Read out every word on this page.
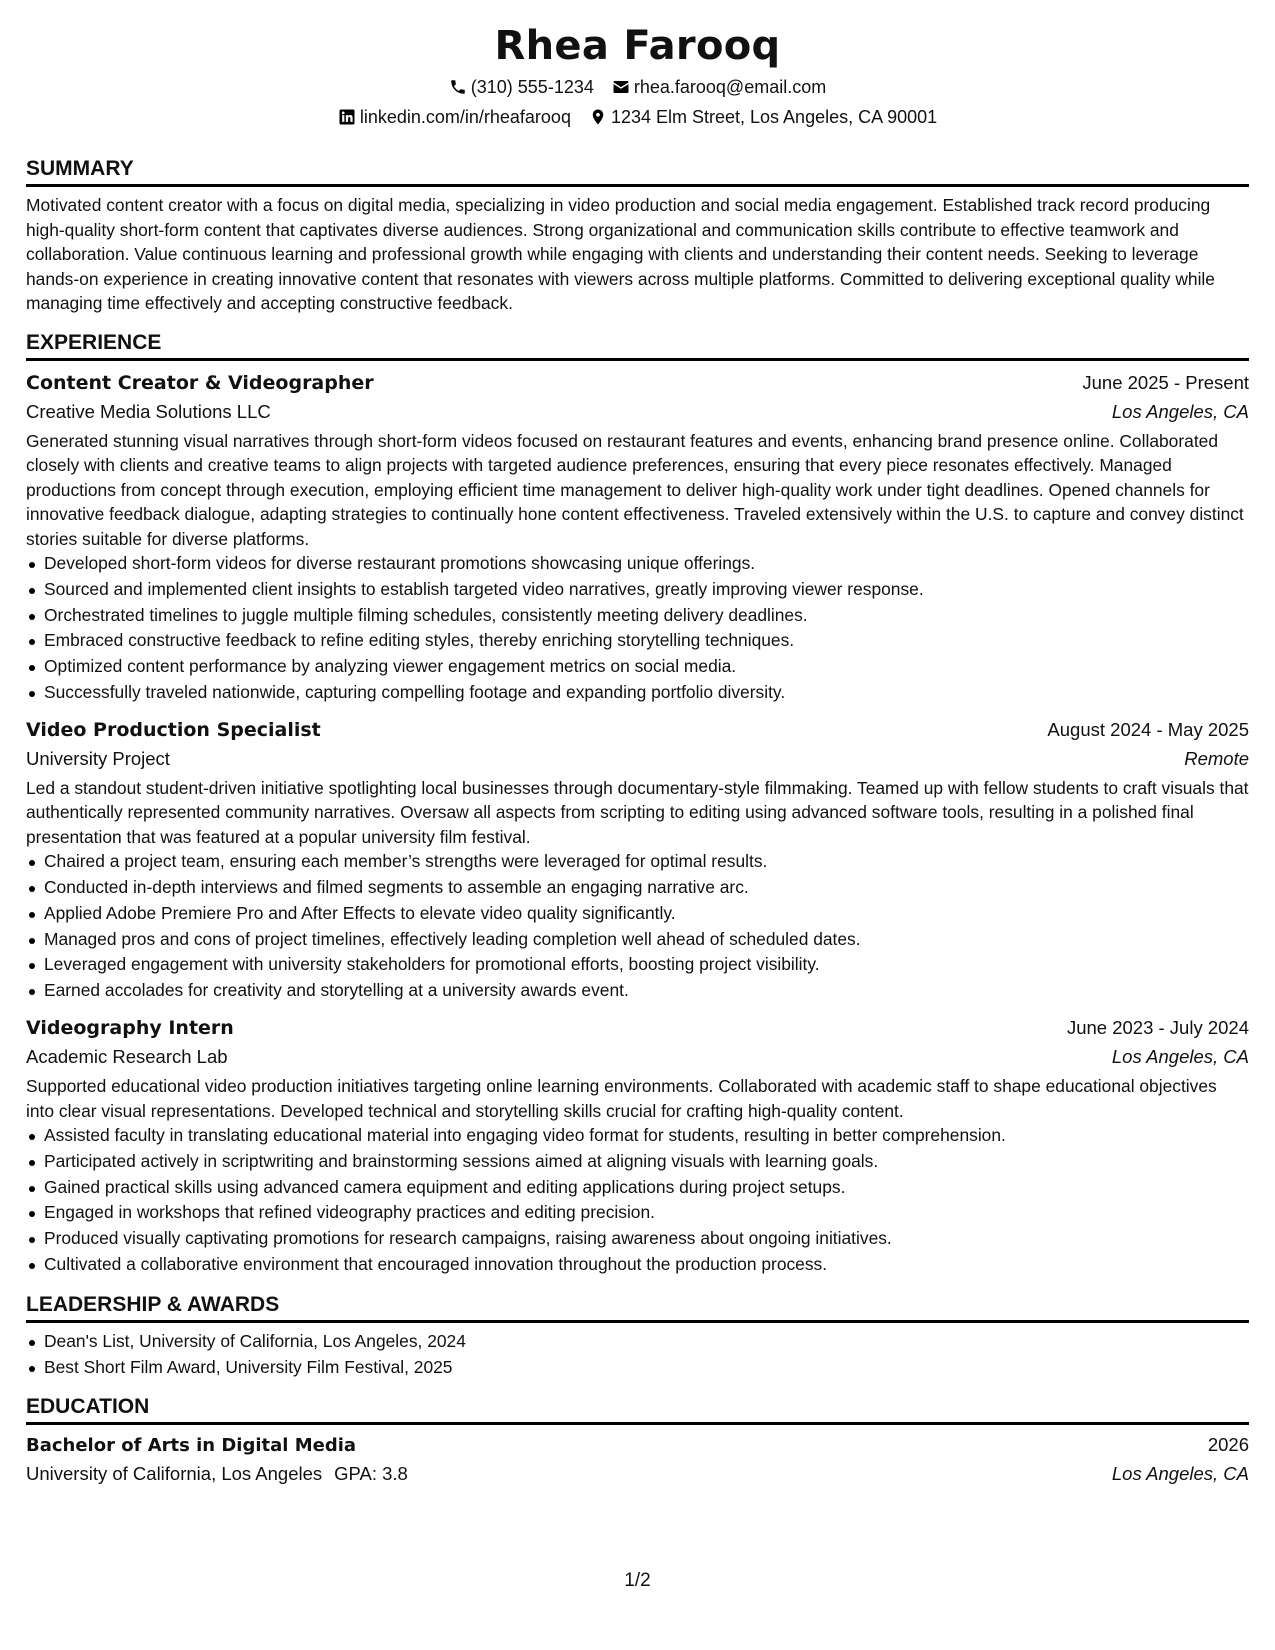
Rhea Farooq
(310) 555-1234 rhea.farooq@email.com
linkedin.com/in/rheafarooq 1234 Elm Street, Los Angeles, CA 90001
SUMMARY

Motivated content creator with a focus on digital media, specializing in video production and social media engagement. Established track record producing high-quality short-form content that captivates diverse audiences. Strong organizational and communication skills contribute to effective teamwork and collaboration. Value continuous learning and professional growth while engaging with clients and understanding their content needs. Seeking to leverage hands-on experience in creating innovative content that resonates with viewers across multiple platforms. Committed to delivering exceptional quality while managing time effectively and accepting constructive feedback.

EXPERIENCE
Content Creator & Videographer	June 2025 - Present
Creative Media Solutions LLC	Los Angeles, CA

Generated stunning visual narratives through short-form videos focused on restaurant features and events, enhancing brand presence online. Collaborated closely with clients and creative teams to align projects with targeted audience preferences, ensuring that every piece resonates effectively. Managed productions from concept through execution, employing efficient time management to deliver high-quality work under tight deadlines. Opened channels for innovative feedback dialogue, adapting strategies to continually hone content effectiveness. Traveled extensively within the U.S. to capture and convey distinct stories suitable for diverse platforms.

Developed short-form videos for diverse restaurant promotions showcasing unique offerings.
Sourced and implemented client insights to establish targeted video narratives, greatly improving viewer response.
Orchestrated timelines to juggle multiple filming schedules, consistently meeting delivery deadlines.
Embraced constructive feedback to refine editing styles, thereby enriching storytelling techniques.
Optimized content performance by analyzing viewer engagement metrics on social media.
Successfully traveled nationwide, capturing compelling footage and expanding portfolio diversity.
Video Production Specialist	August 2024 - May 2025
University Project	Remote

Led a standout student-driven initiative spotlighting local businesses through documentary-style filmmaking. Teamed up with fellow students to craft visuals that authentically represented community narratives. Oversaw all aspects from scripting to editing using advanced software tools, resulting in a polished final presentation that was featured at a popular university film festival.

Chaired a project team, ensuring each member’s strengths were leveraged for optimal results.
Conducted in-depth interviews and filmed segments to assemble an engaging narrative arc.
Applied Adobe Premiere Pro and After Effects to elevate video quality significantly.
Managed pros and cons of project timelines, effectively leading completion well ahead of scheduled dates.
Leveraged engagement with university stakeholders for promotional efforts, boosting project visibility.
Earned accolades for creativity and storytelling at a university awards event.
Videography Intern	June 2023 - July 2024
Academic Research Lab	Los Angeles, CA

Supported educational video production initiatives targeting online learning environments. Collaborated with academic staff to shape educational objectives into clear visual representations. Developed technical and storytelling skills crucial for crafting high-quality content.

Assisted faculty in translating educational material into engaging video format for students, resulting in better comprehension.
Participated actively in scriptwriting and brainstorming sessions aimed at aligning visuals with learning goals.
Gained practical skills using advanced camera equipment and editing applications during project setups.
Engaged in workshops that refined videography practices and editing precision.
Produced visually captivating promotions for research campaigns, raising awareness about ongoing initiatives.
Cultivated a collaborative environment that encouraged innovation throughout the production process.
LEADERSHIP & AWARDS
Dean's List, University of California, Los Angeles, 2024
Best Short Film Award, University Film Festival, 2025
EDUCATION
Bachelor of Arts in Digital Media	2026
University of California, Los Angeles GPA: 3.8	Los Angeles, CA
1/2
